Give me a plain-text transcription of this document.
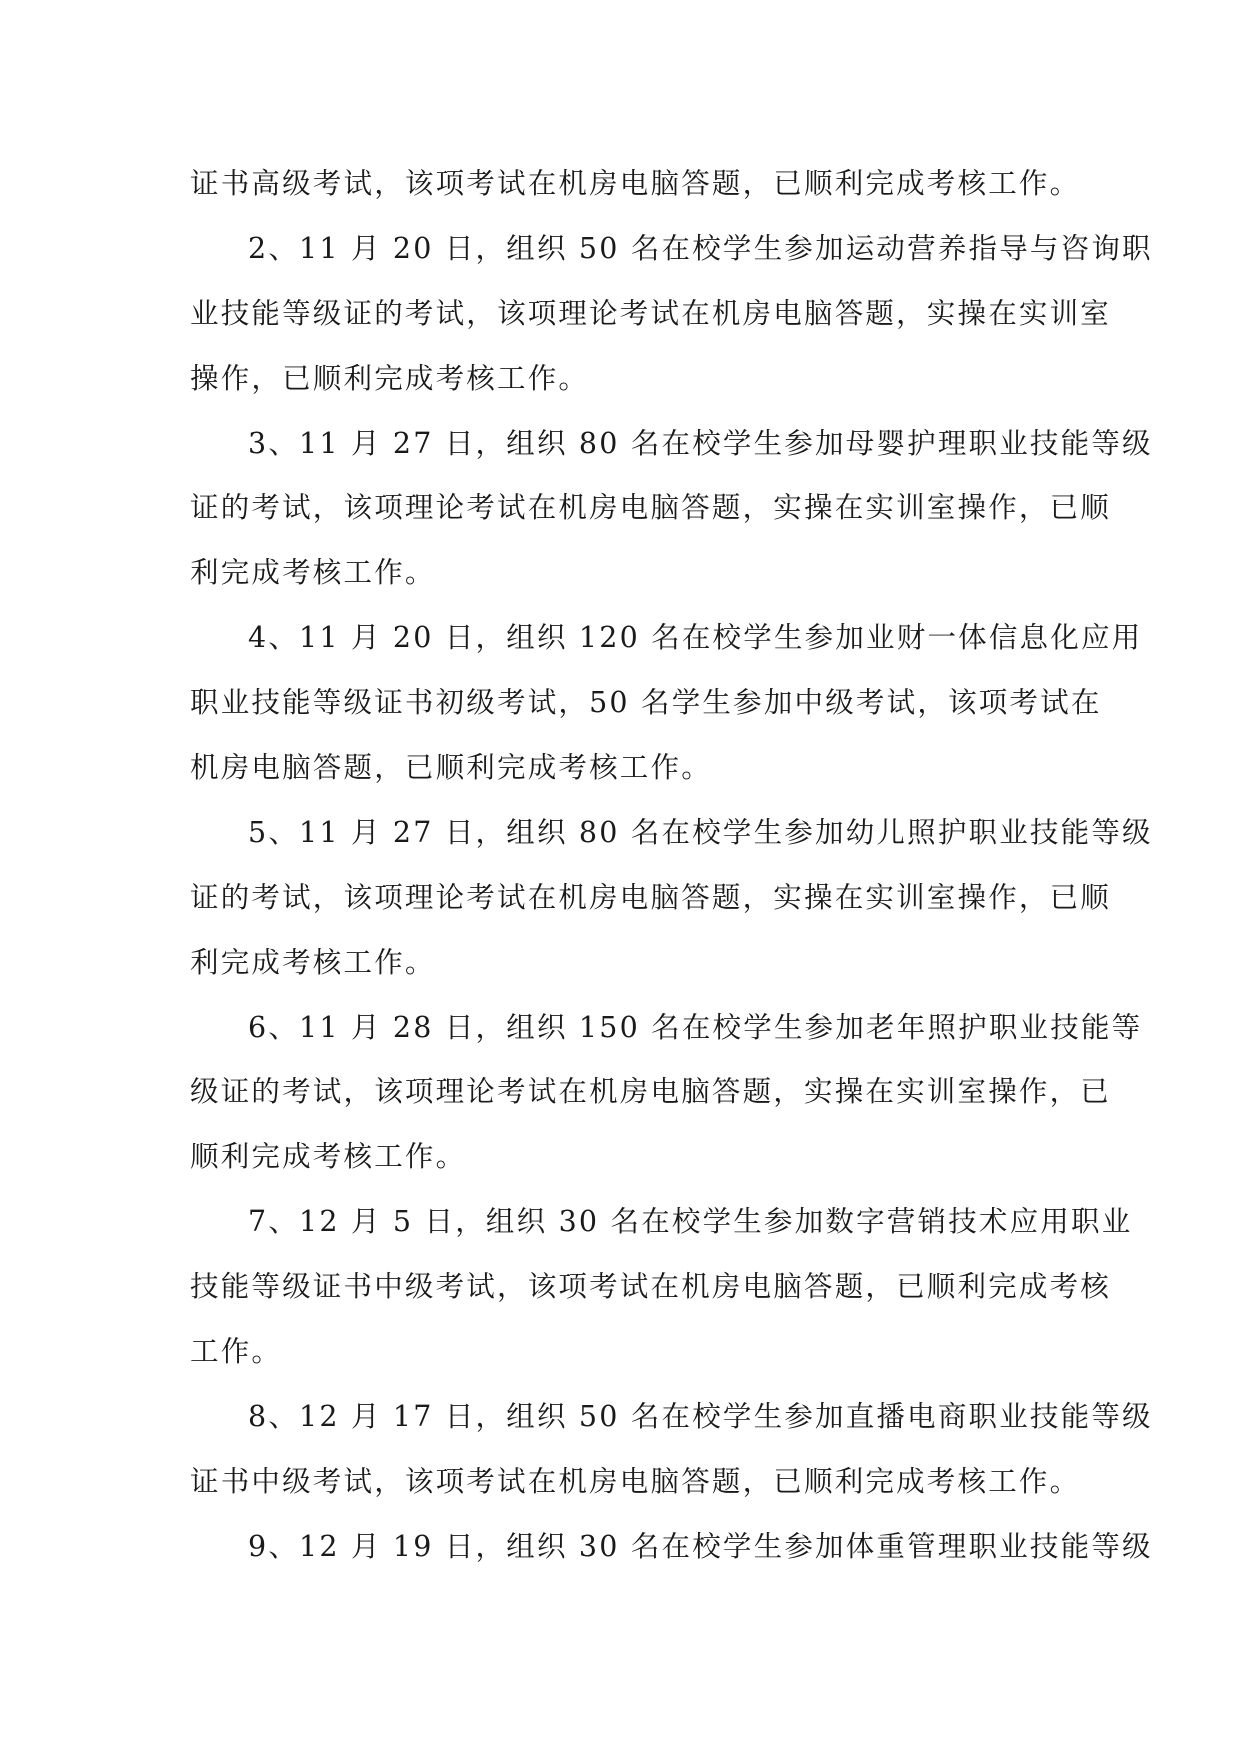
证书高级考试，该项考试在机房电脑答题，已顺利完成考核工作。
2、11 月 20 日，组织 50 名在校学生参加运动营养指导与咨询职
业技能等级证的考试，该项理论考试在机房电脑答题，实操在实训室
操作，已顺利完成考核工作。
3、11 月 27 日，组织 80 名在校学生参加母婴护理职业技能等级
证的考试，该项理论考试在机房电脑答题，实操在实训室操作，已顺
利完成考核工作。
4、11 月 20 日，组织 120 名在校学生参加业财一体信息化应用
职业技能等级证书初级考试，50 名学生参加中级考试，该项考试在
机房电脑答题，已顺利完成考核工作。
5、11 月 27 日，组织 80 名在校学生参加幼儿照护职业技能等级
证的考试，该项理论考试在机房电脑答题，实操在实训室操作，已顺
利完成考核工作。
6、11 月 28 日，组织 150 名在校学生参加老年照护职业技能等
级证的考试，该项理论考试在机房电脑答题，实操在实训室操作，已
顺利完成考核工作。
7、12 月 5 日，组织 30 名在校学生参加数字营销技术应用职业
技能等级证书中级考试，该项考试在机房电脑答题，已顺利完成考核
工作。
8、12 月 17 日，组织 50 名在校学生参加直播电商职业技能等级
证书中级考试，该项考试在机房电脑答题，已顺利完成考核工作。
9、12 月 19 日，组织 30 名在校学生参加体重管理职业技能等级
